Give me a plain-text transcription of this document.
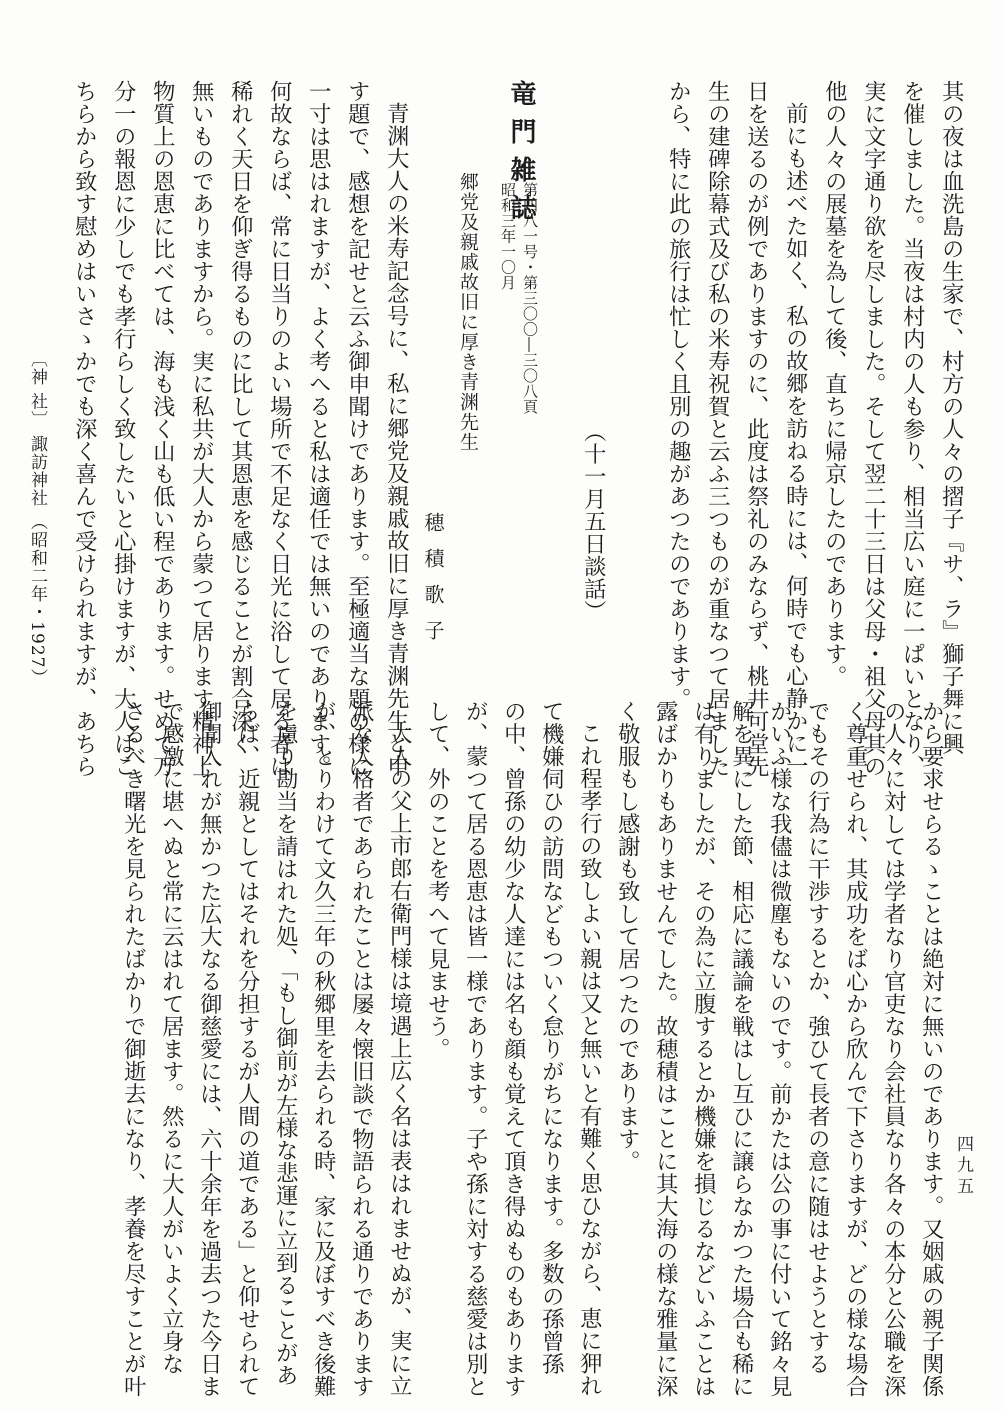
其の夜は血洗島の生家で、村方の人々の摺子『サ、ラ』獅子舞に興
を催しました。当夜は村内の人も参り、相当広い庭に一ぱいとなり、
実に文字通り欲を尽しました。そして翌二十三日は父母・祖父母其の
他の人々の展墓を為して後、直ちに帰京したのであります。
前にも述べた如く、私の故郷を訪ねる時には、何時でも心静かに一
日を送るのが例でありますのに、此度は祭礼のみならず、桃井可堂先
生の建碑除幕式及び私の米寿祝賀と云ふ三つものが重なつて居ました
から、特に此の旅行は忙しく且別の趣があつたのであります。
（十一月五日談話）
竜門雑誌
第四八一号・第三〇〇―三〇八頁
昭和三年一〇月
郷党及親戚故旧に厚き青渊先生
穂積歌子
青渊大人の米寿記念号に、私に郷党及親戚故旧に厚き青渊先生と申
す題で、感想を記せと云ふ御申聞けであります。至極適当な題の様に
一寸は思はれますが、よく考へると私は適任では無いのであります。
何故ならば、常に日当りのよい場所で不足なく日光に浴して居る者は
稀れく天日を仰ぎ得るものに比して其恩恵を感じることが割合深く
無いものでありますから。実に私共が大人から蒙つて居ります精神上
物質上の恩恵に比べては、海も浅く山も低い程であります。せめて万
分一の報恩に少しでも孝行らしく致したいと心掛けますが、大人はこ
ちらから致す慰めはいさゝかでも深く喜んで受けられますが、あちら
から要求せらるゝことは絶対に無いのであります。又姻戚の親子関係
の人々に対しては学者なり官吏なり会社員なり各々の本分と公職を深
く尊重せられ、其成功をば心から欣んで下さりますが、どの様な場合
でもその行為に干渉するとか、強ひて長者の意に随はせようとする
かいふ様な我儘は微塵もないのです。前かたは公の事に付いて銘々見
解を異にした節、相応に議論を戦はし互ひに譲らなかつた場合も稀に
は有りましたが、その為に立腹するとか機嫌を損じるなどいふことは
露ばかりもありませんでした。故穂積はことに其大海の様な雅量に深
く敬服もし感謝も致して居つたのであります。
これ程孝行の致しよい親は又と無いと有難く思ひながら、恵に狎れ
て機嫌伺ひの訪問などもついく怠りがちになります。多数の孫曾孫
の中、曾孫の幼少な人達には名も顔も覚えて頂き得ぬものもあります
が、蒙つて居る恩恵は皆一様であります。子や孫に対する慈愛は別と
して、外のことを考へて見ませう。
大人の父上市郎右衛門様は境遇上広く名は表はれませぬが、実に立
派な人格者であられたことは屡々懐旧談で物語られる通りであります
が、とりわけて文久三年の秋郷里を去られる時、家に及ぼすべき後難
を慮り勘当を請はれた処、「もし御前が左様な悲運に立到ることがあ
らば、近親としてはそれを分担するが人間の道である」と仰せられて
御聞入れが無かつた広大なる御慈愛には、六十余年を過去つた今日ま
で感激に堪へぬと常に云はれて居ます。然るに大人がいよく立身な
さるべき曙光を見られたばかりで御逝去になり、孝養を尽すことが叶
〔神 社〕 諏訪神社 （昭和二年・1927）
四九五
